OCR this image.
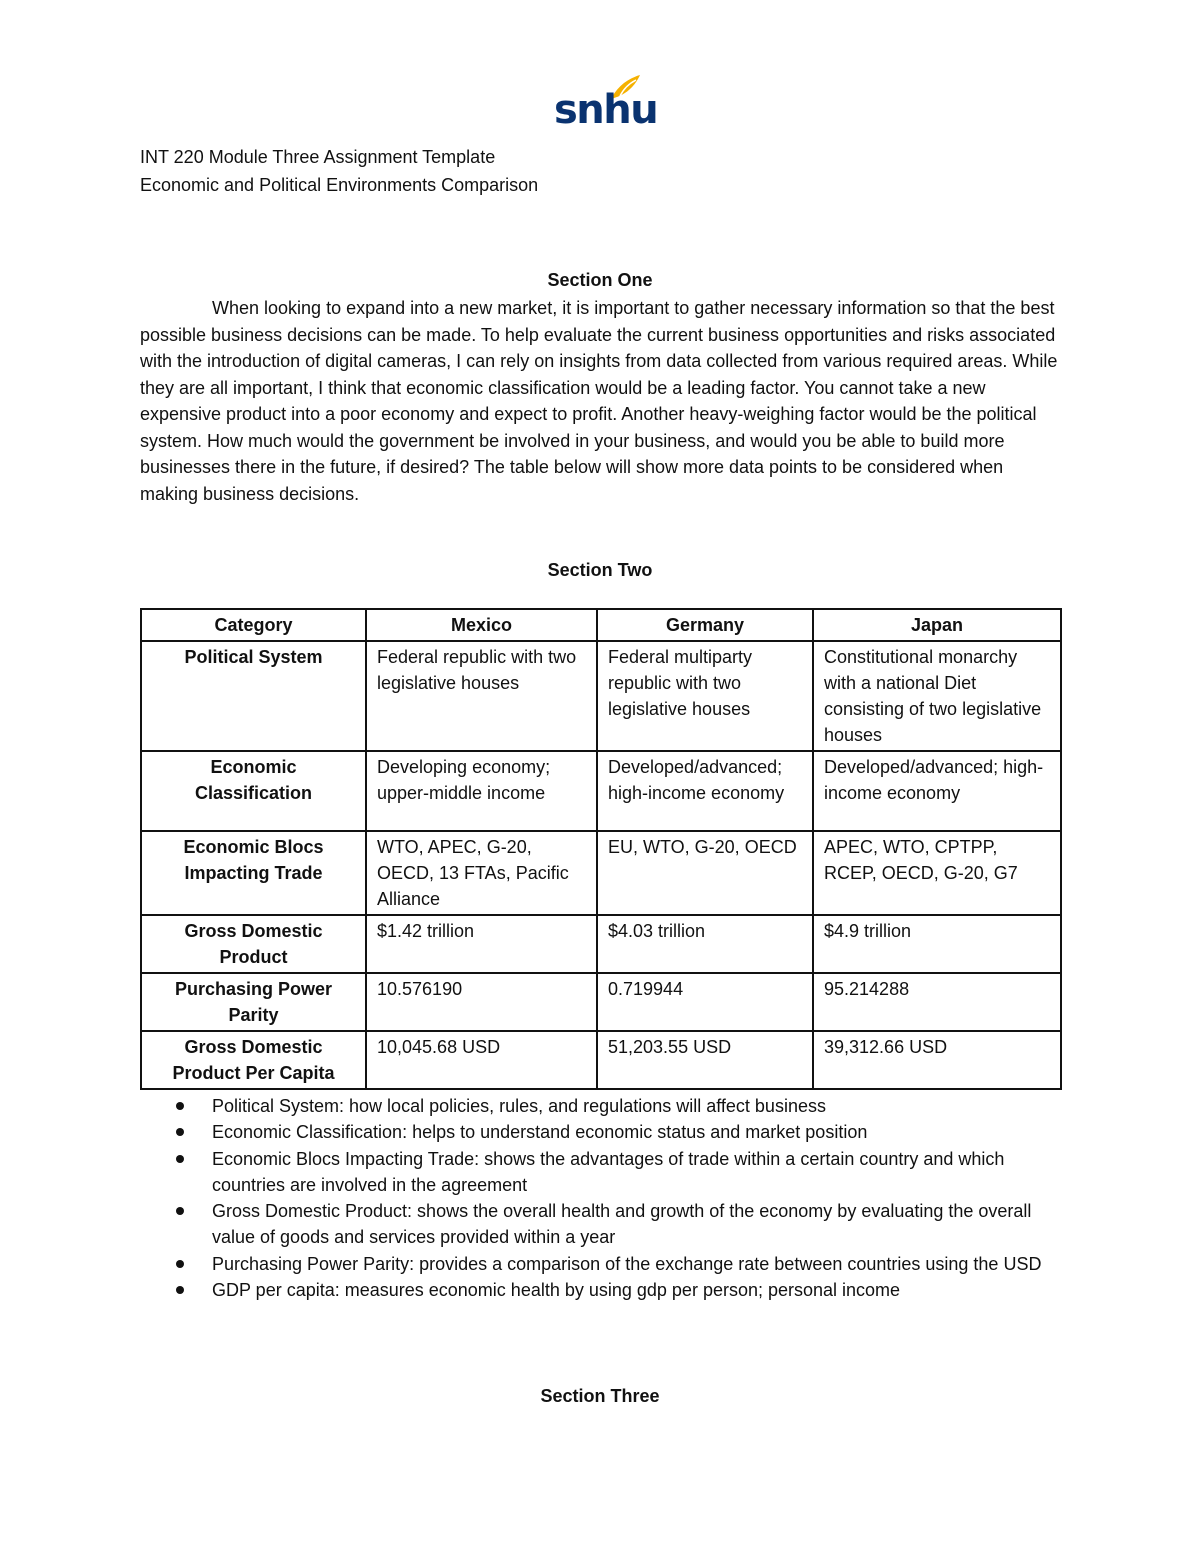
snhu
INT 220 Module Three Assignment Template
Economic and Political Environments Comparison
Section One
When looking to expand into a new market, it is important to gather necessary information so that the best possible business decisions can be made. To help evaluate the current business opportunities and risks associated with the introduction of digital cameras, I can rely on insights from data collected from various required areas. While they are all important, I think that economic classification would be a leading factor. You cannot take a new expensive product into a poor economy and expect to profit. Another heavy-weighing factor would be the political system. How much would the government be involved in your business, and would you be able to build more businesses there in the future, if desired? The table below will show more data points to be considered when making business decisions.
Section Two
Category	Mexico	Germany	Japan
Political System	Federal republic with two legislative houses	Federal multiparty republic with two legislative houses	Constitutional monarchy with a national Diet consisting of two legislative houses
Economic Classification	Developing economy; upper-middle income	Developed/advanced; high-income economy	Developed/advanced; high-income economy
Economic Blocs Impacting Trade	WTO, APEC, G-20, OECD, 13 FTAs, Pacific Alliance	EU, WTO, G-20, OECD	APEC, WTO, CPTPP, RCEP, OECD, G-20, G7
Gross Domestic Product	$1.42 trillion	$4.03 trillion	$4.9 trillion
Purchasing Power Parity	10.576190	0.719944	95.214288
Gross Domestic Product Per Capita	10,045.68 USD	51,203.55 USD	39,312.66 USD
Political System: how local policies, rules, and regulations will affect business
Economic Classification: helps to understand economic status and market position
Economic Blocs Impacting Trade: shows the advantages of trade within a certain country and which countries are involved in the agreement
Gross Domestic Product: shows the overall health and growth of the economy by evaluating the overall value of goods and services provided within a year
Purchasing Power Parity: provides a comparison of the exchange rate between countries using the USD
GDP per capita: measures economic health by using gdp per person; personal income
Section Three
